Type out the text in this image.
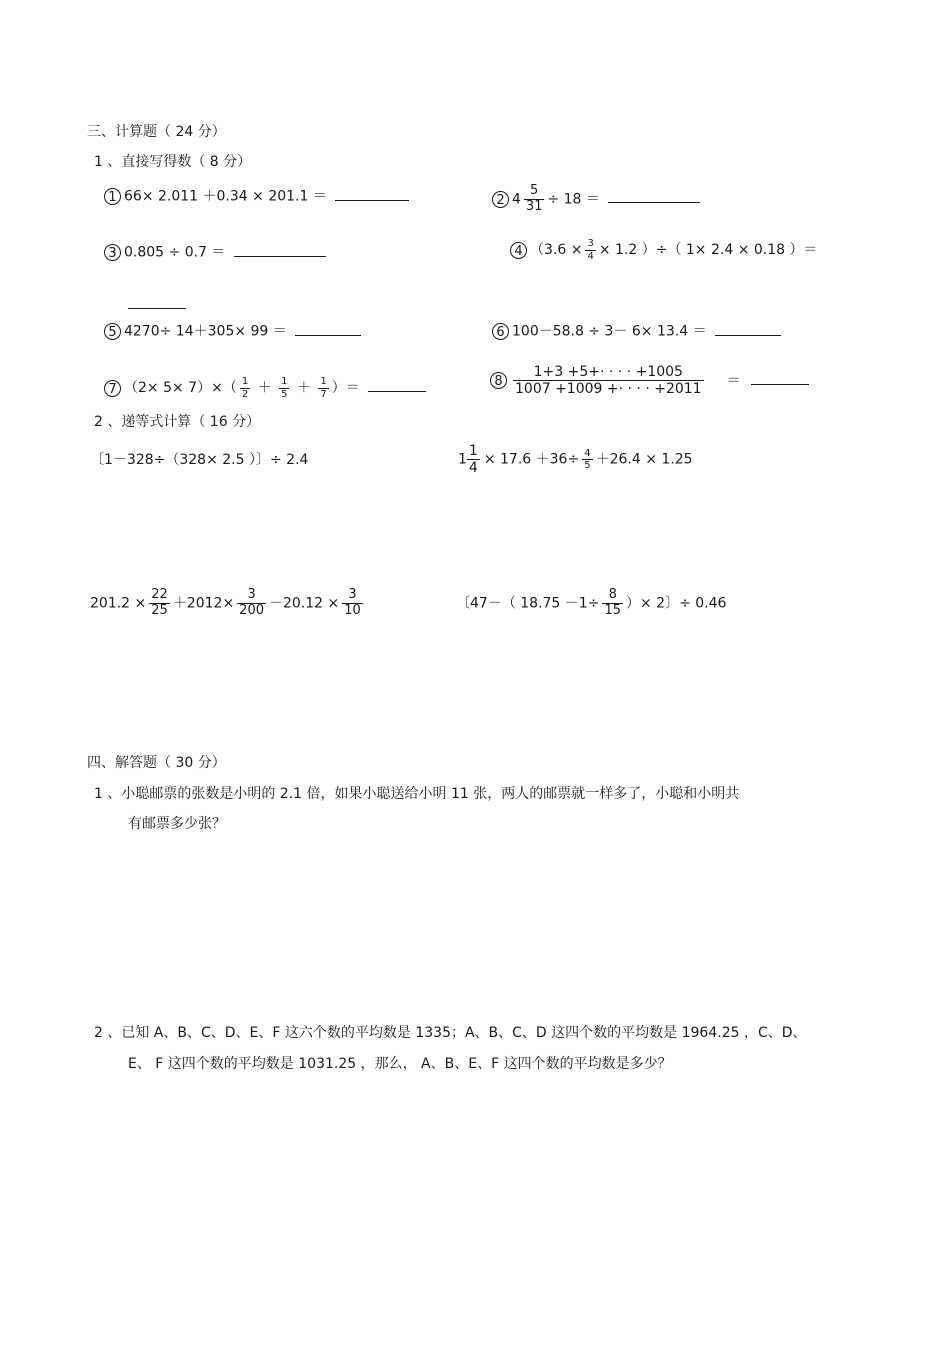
三、计算题（ 24 分）
1 、直接写得数（ 8 分）
1 66× 2.011 ＋0.34 × 201.1 ＝	2 $4 \frac{5}{31} \div 18$ ＝
3 0.805 ÷ 0.7 ＝	4 （$3.6 \times \frac{3}{4} \times 1.2$ ）÷（ 1× 2.4 × 0.18 ）＝
5 4270÷ 14＋305× 99 ＝	6 100－58.8 ÷ 3－ 6× 13.4 ＝
7 $(2\times 5\times 7)\times( \frac{1}{2} + \frac{1}{5} + \frac{1}{7}$ ）＝	$8 \frac{1+3 +5+\cdot \cdot \cdot \cdot +1005}{1007 +1009 +\cdot \cdot \cdot \cdot +2011}$ ＝
2 、递等式计算（ 16 分）
〔1－328÷（328× 2.5 ）〕÷ 2.4	$1 \frac{1}{4} \times 17.6 +36\div \frac{4}{5} +26.4 \times 1.25$
$201.2 \times \frac{22}{25} +2012\times \frac{3}{200} -20.12 \times \frac{3}{10}$	〔47－（ $18.75 -1\div \frac{8}{15}$ ）× 2〕÷ 0.46
四、解答题（ 30 分）
1 、小聪邮票的张数是小明的 2.1 倍，如果小聪送给小明 11 张，两人的邮票就一样多了，小聪和小明共
有邮票多少张？
2 、已知 A、B、C、D、E、F 这六个数的平均数是 1335；A、B、C、D 这四个数的平均数是 1964.25 ，C、D、
E、 F 这四个数的平均数是 1031.25 ，那么， A、B、E、F 这四个数的平均数是多少？
